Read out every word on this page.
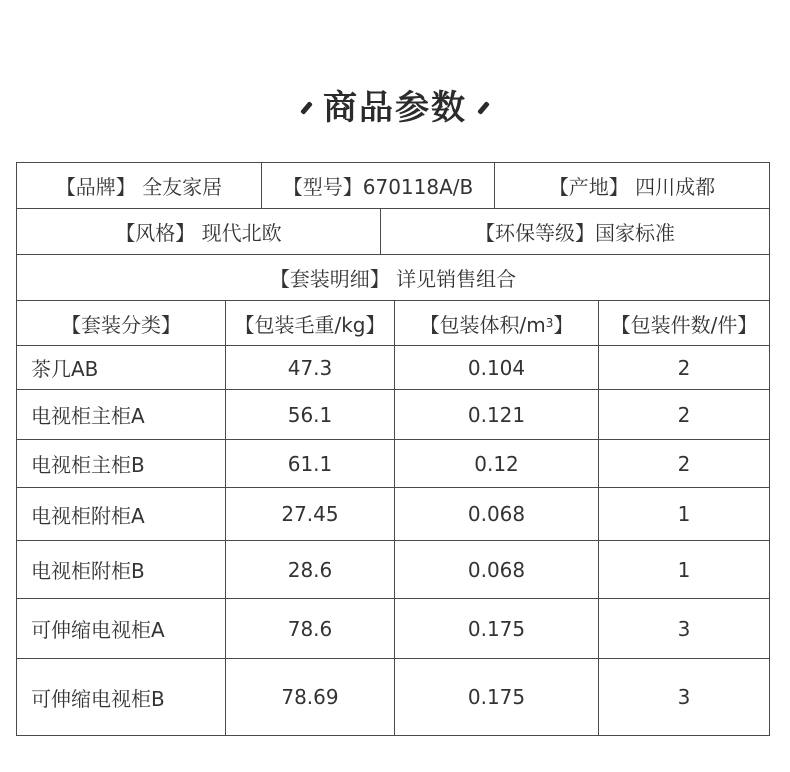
商品参数
【品牌】 全友家居	【型号】670118A/B	【产地】 四川成都
【风格】 现代北欧	【环保等级】国家标准
【套装明细】 详见销售组合
【套装分类】	【包装毛重/kg】	【包装体积/m 3 】	【包装件数/件】
茶几AB	47.3	0.104	2
电视柜主柜A	56.1	0.121	2
电视柜主柜B	61.1	0.12	2
电视柜附柜A	27.45	0.068	1
电视柜附柜B	28.6	0.068	1
可伸缩电视柜A	78.6	0.175	3
可伸缩电视柜B	78.69	0.175	3
